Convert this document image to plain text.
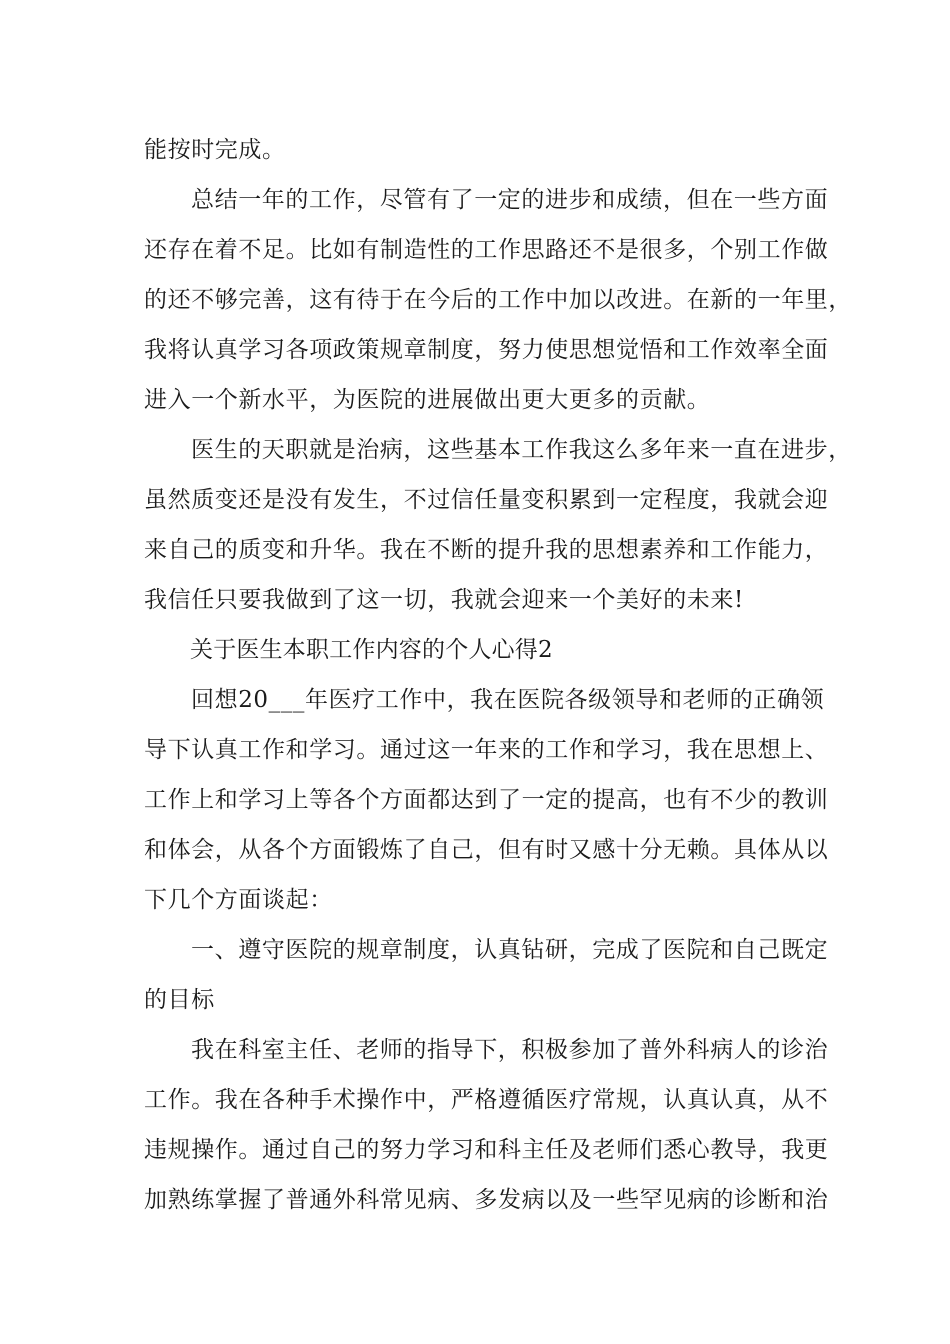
能按时完成。
总结一年的工作，尽管有了一定的进步和成绩，但在一些方面
还存在着不足。比如有制造性的工作思路还不是很多，个别工作做
的还不够完善，这有待于在今后的工作中加以改进。在新的一年里，
我将认真学习各项政策规章制度，努力使思想觉悟和工作效率全面
进入一个新水平，为医院的进展做出更大更多的贡献。
医生的天职就是治病，这些基本工作我这么多年来一直在进步，
虽然质变还是没有发生，不过信任量变积累到一定程度，我就会迎
来自己的质变和升华。我在不断的提升我的思想素养和工作能力，
我信任只要我做到了这一切，我就会迎来一个美好的未来!
关于医生本职工作内容的个人心得2
回想20___年医疗工作中，我在医院各级领导和老师的正确领
导下认真工作和学习。通过这一年来的工作和学习，我在思想上、
工作上和学习上等各个方面都达到了一定的提高，也有不少的教训
和体会，从各个方面锻炼了自己，但有时又感十分无赖。具体从以
下几个方面谈起：
一、遵守医院的规章制度，认真钻研，完成了医院和自己既定
的目标
我在科室主任、老师的指导下，积极参加了普外科病人的诊治
工作。我在各种手术操作中，严格遵循医疗常规，认真认真，从不
违规操作。通过自己的努力学习和科主任及老师们悉心教导，我更
加熟练掌握了普通外科常见病、多发病以及一些罕见病的诊断和治
